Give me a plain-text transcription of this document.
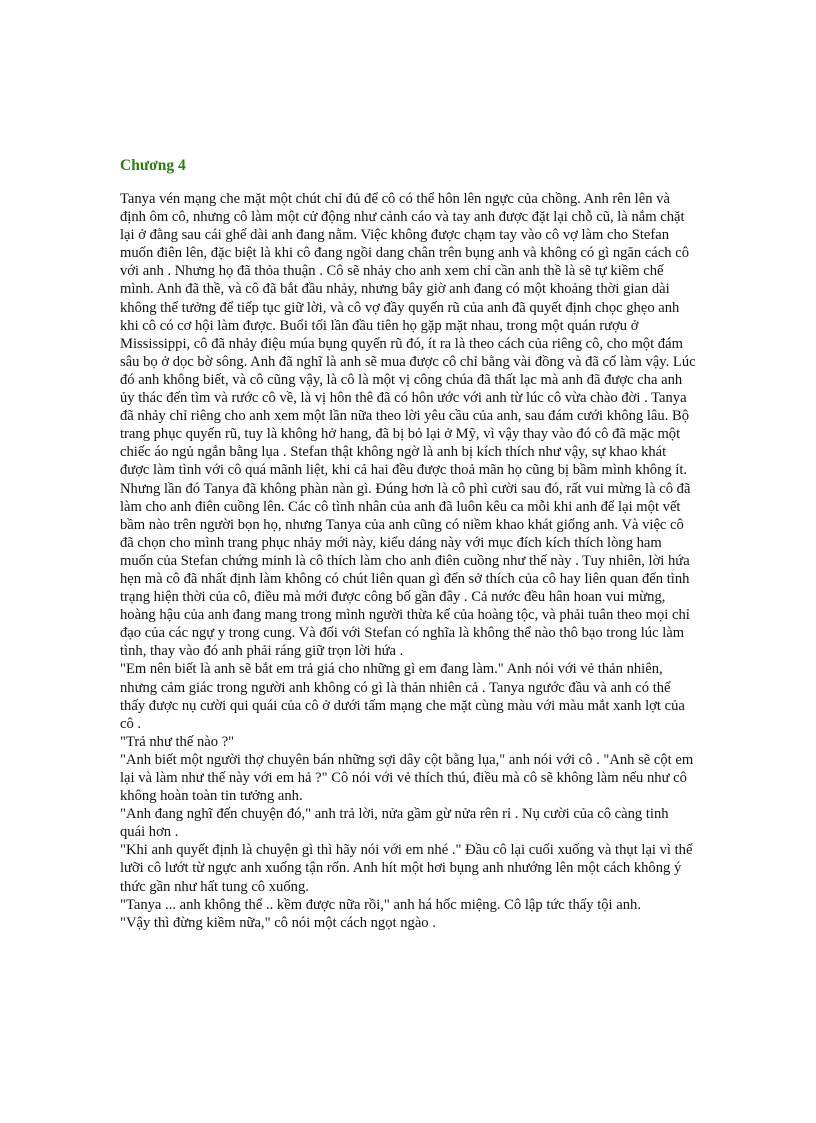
Chương 4

Tanya vén mạng che mặt một chút chỉ đủ để cô có thể hôn lên ngực của chồng. Anh rên lên và định ôm cô, nhưng cô làm một cử động như cảnh cáo và tay anh được đặt lại chỗ cũ, là nắm chặt lại ở đằng sau cái ghế dài anh đang nằm. Việc không được chạm tay vào cô vợ làm cho Stefan muốn điên lên, đặc biệt là khi cô đang ngồi dang chân trên bụng anh và không có gì ngăn cách cô với anh . Nhưng họ đã thỏa thuận . Cô sẽ nhảy cho anh xem chỉ cần anh thề là sẽ tự kiềm chế mình. Anh đã thề, và cô đã bắt đầu nhảy, nhưng bây giờ anh đang có một khoảng thời gian dài không thể tưởng để tiếp tục giữ lời, và cô vợ đầy quyến rũ của anh đã quyết định chọc ghẹo anh khi cô có cơ hội làm được. Buổi tối lần đầu tiên họ gặp mặt nhau, trong một quán rượu ở Mississippi, cô đã nhảy điệu múa bụng quyến rũ đó, ít ra là theo cách của riêng cô, cho một đám sâu bọ ở dọc bờ sông. Anh đã nghĩ là anh sẽ mua được cô chỉ bằng vài đồng và đã cố làm vậy. Lúc đó anh không biết, và cô cũng vậy, là cô là một vị công chúa đã thất lạc mà anh đã được cha anh ủy thác đến tìm và rước cô về, là vị hôn thê đã có hôn ước với anh từ lúc cô vừa chào đời . Tanya đã nhảy chỉ riêng cho anh xem một lần nữa theo lời yêu cầu của anh, sau đám cưới không lâu. Bộ trang phục quyến rũ, tuy là không hở hang, đã bị bỏ lại ở Mỹ, vì vậy thay vào đó cô đã mặc một chiếc áo ngủ ngắn bằng lụa . Stefan thật không ngờ là anh bị kích thích như vậy, sự khao khát được làm tình với cô quá mãnh liệt, khi cả hai đều được thoả mãn họ cũng bị bầm mình không ít. Nhưng lần đó Tanya đã không phàn nàn gì. Đúng hơn là cô phì cười sau đó, rất vui mừng là cô đã làm cho anh điên cuồng lên. Các cô tình nhân của anh đã luôn kêu ca mỗi khi anh để lại một vết bầm nào trên người bọn họ, nhưng Tanya của anh cũng có niềm khao khát giống anh. Và việc cô đã chọn cho mình trang phục nhảy mới này, kiểu dáng này với mục đích kích thích lòng ham muốn của Stefan chứng minh là cô thích làm cho anh điên cuồng như thế này . Tuy nhiên, lời hứa hẹn mà cô đã nhất định làm không có chút liên quan gì đến sở thích của cô hay liên quan đến tình trạng hiện thời của cô, điều mà mới được công bố gần đây . Cả nước đều hân hoan vui mừng, hoàng hậu của anh đang mang trong mình người thừa kế của hoàng tộc, và phải tuân theo mọi chỉ đạo của các ngự y trong cung. Và đối với Stefan có nghĩa là không thể nào thô bạo trong lúc làm tình, thay vào đó anh phải ráng giữ trọn lời hứa .

"Em nên biết là anh sẽ bắt em trả giá cho những gì em đang làm." Anh nói với vẻ thản nhiên, nhưng cảm giác trong người anh không có gì là thản nhiên cả . Tanya ngước đầu và anh có thể thấy được nụ cười qui quái của cô ở dưới tấm mạng che mặt cùng màu với màu mắt xanh lợt của cô .

"Trả như thế nào ?"

"Anh biết một người thợ chuyên bán những sợi dây cột bằng lụa," anh nói với cô . "Anh sẽ cột em lại và làm như thế này với em hả ?" Cô nói với vẻ thích thú, điều mà cô sẽ không làm nếu như cô không hoàn toàn tin tưởng anh.

"Anh đang nghĩ đến chuyện đó," anh trả lời, nửa gầm gừ nửa rên rỉ . Nụ cười của cô càng tinh quái hơn .

"Khi anh quyết định là chuyện gì thì hãy nói với em nhé ." Đầu cô lại cuối xuống và thụt lại vì thế lưỡi cô lướt từ ngực anh xuống tận rốn. Anh hít một hơi bụng anh nhướng lên một cách không ý thức gần như hất tung cô xuống.

"Tanya ... anh không thể .. kềm được nữa rồi," anh há hốc miệng. Cô lập tức thấy tội anh.

"Vậy thì đừng kiềm nữa," cô nói một cách ngọt ngào .
